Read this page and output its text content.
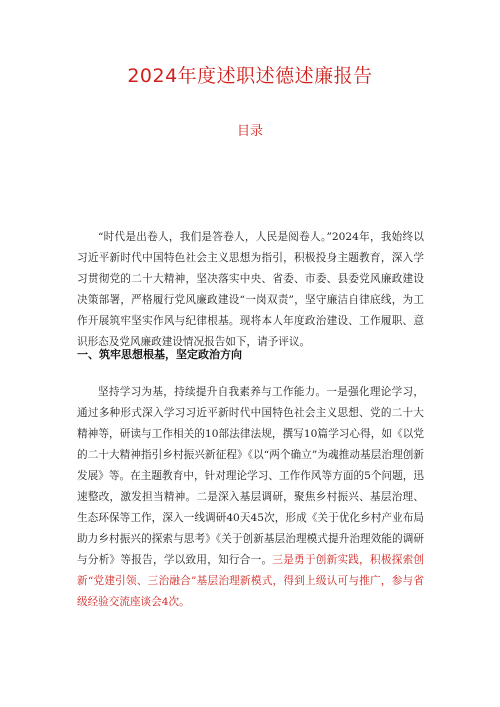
2024年度述职述德述廉报告
目录

“时代是出卷人，我们是答卷人，人民是阅卷人。”2024年，我始终以习近平新时代中国特色社会主义思想为指引，积极投身主题教育，深入学习贯彻党的二十大精神，坚决落实中央、省委、市委、县委党风廉政建设决策部署，严格履行党风廉政建设“一岗双责”，坚守廉洁自律底线，为工作开展筑牢坚实作风与纪律根基。现将本人年度政治建设、工作履职、意识形态及党风廉政建设情况报告如下，请予评议。

一、筑牢思想根基，坚定政治方向

坚持学习为基，持续提升自我素养与工作能力。一是强化理论学习，通过多种形式深入学习习近平新时代中国特色社会主义思想、党的二十大精神等，研读与工作相关的10部法律法规，撰写10篇学习心得，如《以党的二十大精神指引乡村振兴新征程》《以“两个确立”为魂推动基层治理创新发展》等。在主题教育中，针对理论学习、工作作风等方面的5个问题，迅速整改，激发担当精神。二是深入基层调研，聚焦乡村振兴、基层治理、生态环保等工作，深入一线调研40天45次，形成《关于优化乡村产业布局助力乡村振兴的探索与思考》《关于创新基层治理模式提升治理效能的调研与分析》等报告，学以致用，知行合一。三是勇于创新实践，积极探索创新“党建引领、三治融合”基层治理新模式，得到上级认可与推广，参与省级经验交流座谈会4次。
